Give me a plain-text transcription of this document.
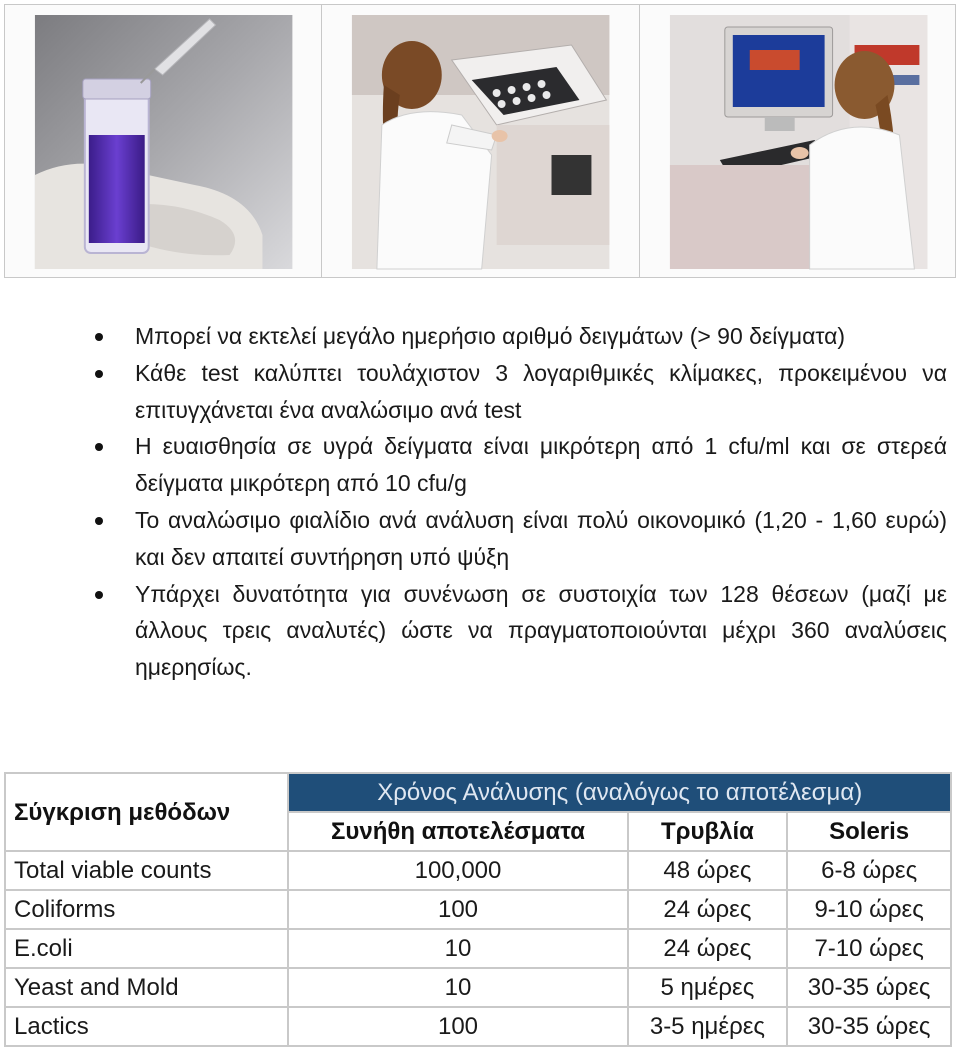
Μπορεί να εκτελεί μεγάλο ημερήσιο αριθμό δειγμάτων (> 90 δείγματα)
Κάθε test καλύπτει τουλάχιστον 3 λογαριθμικές κλίμακες, προκειμένου να επιτυγχάνεται ένα αναλώσιμο ανά test
Η ευαισθησία σε υγρά δείγματα είναι μικρότερη από 1 cfu/ml και σε στερεά δείγματα μικρότερη από 10 cfu/g
Το αναλώσιμο φιαλίδιο ανά ανάλυση είναι πολύ οικονομικό (1,20 - 1,60 ευρώ) και δεν απαιτεί συντήρηση υπό ψύξη
Υπάρχει δυνατότητα για συνένωση σε συστοιχία των 128 θέσεων (μαζί με άλλους τρεις αναλυτές) ώστε να πραγματοποιούνται μέχρι 360 αναλύσεις ημερησίως.
Σύγκριση μεθόδων	Χρόνος Ανάλυσης (αναλόγως το αποτέλεσμα)		
	Συνήθη αποτελέσματα	Τρυβλία	Soleris
Total viable counts	100,000	48 ώρες	6-8 ώρες
Coliforms	100	24 ώρες	9-10 ώρες
E.coli	10	24 ώρες	7-10 ώρες
Yeast and Mold	10	5 ημέρες	30-35 ώρες
Lactics	100	3-5 ημέρες	30-35 ώρες
